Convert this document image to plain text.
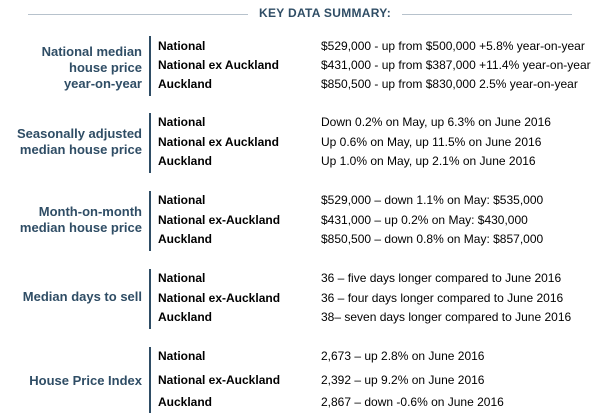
KEY DATA SUMMARY:
National median
house price
year-on-year
National	$529,000 - up from $500,000 +5.8% year-on-year
National ex Auckland	$431,000 - up from $387,000 +11.4% year-on-year
Auckland	$850,500 - up from $830,000 2.5% year-on-year
Seasonally adjusted
median house price
National	Down 0.2% on May, up 6.3% on June 2016
National ex Auckland	Up 0.6% on May, up 11.5% on June 2016
Auckland	Up 1.0% on May, up 2.1% on June 2016
Month-on-month
median house price
National	$529,000 – down 1.1% on May: $535,000
National ex-Auckland	$431,000 – up 0.2% on May: $430,000
Auckland	$850,500 – down 0.8% on May: $857,000
Median days to sell
National	36 – five days longer compared to June 2016
National ex-Auckland	36 – four days longer compared to June 2016
Auckland	38– seven days longer compared to June 2016
House Price Index
National	2,673 – up 2.8% on June 2016
National ex-Auckland	2,392 – up 9.2% on June 2016
Auckland	2,867 – down -0.6% on June 2016
